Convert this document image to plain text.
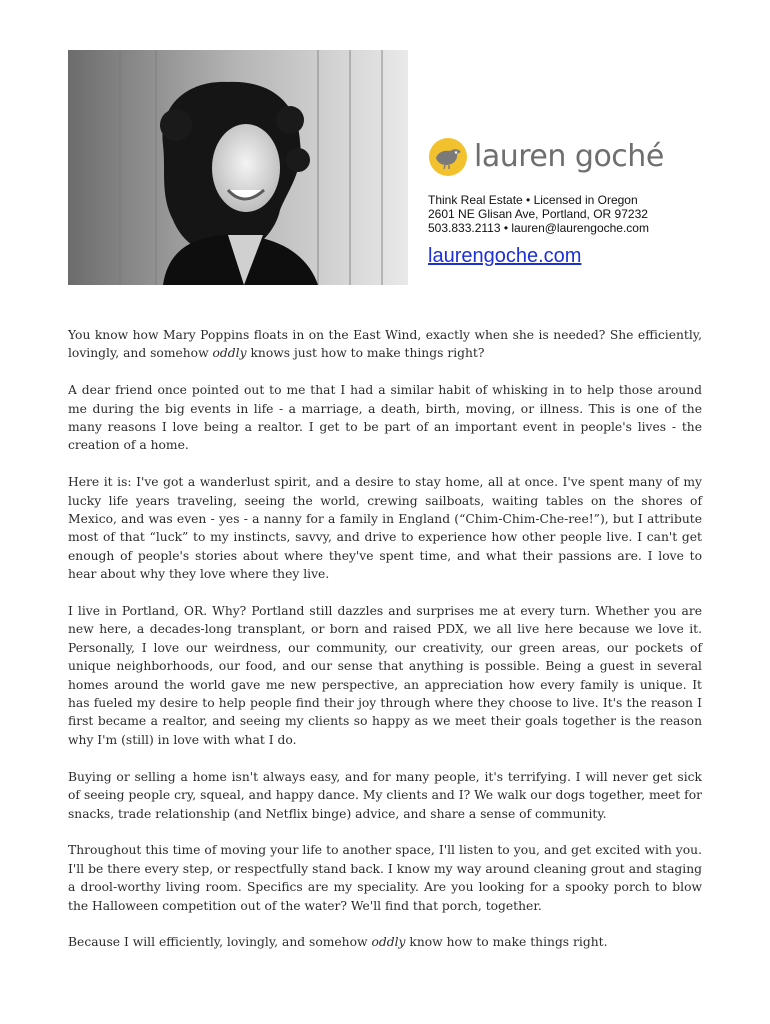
lauren goché
Think Real Estate • Licensed in Oregon
2601 NE Glisan Ave, Portland, OR 97232
503.833.2113 • lauren@laurengoche.com
laurengoche.com

You know how Mary Poppins floats in on the East Wind, exactly when she is needed? She efficiently, lovingly, and somehow oddly knows just how to make things right?

A dear friend once pointed out to me that I had a similar habit of whisking in to help those around me during the big events in life - a marriage, a death, birth, moving, or illness. This is one of the many reasons I love being a realtor. I get to be part of an important event in people's lives - the creation of a home.

Here it is: I've got a wanderlust spirit, and a desire to stay home, all at once. I've spent many of my lucky life years traveling, seeing the world, crewing sailboats, waiting tables on the shores of Mexico, and was even - yes - a nanny for a family in England (“Chim-Chim-Che-ree!”), but I attribute most of that “luck” to my instincts, savvy, and drive to experience how other people live. I can't get enough of people's stories about where they've spent time, and what their passions are. I love to hear about why they love where they live.

I live in Portland, OR. Why? Portland still dazzles and surprises me at every turn. Whether you are new here, a decades-long transplant, or born and raised PDX, we all live here because we love it. Personally, I love our weirdness, our community, our creativity, our green areas, our pockets of unique neighborhoods, our food, and our sense that anything is possible. Being a guest in several homes around the world gave me new perspective, an appreciation how every family is unique. It has fueled my desire to help people find their joy through where they choose to live. It's the reason I first became a realtor, and seeing my clients so happy as we meet their goals together is the reason why I'm (still) in love with what I do.

Buying or selling a home isn't always easy, and for many people, it's terrifying. I will never get sick of seeing people cry, squeal, and happy dance. My clients and I? We walk our dogs together, meet for snacks, trade relationship (and Netflix binge) advice, and share a sense of community.

Throughout this time of moving your life to another space, I'll listen to you, and get excited with you. I'll be there every step, or respectfully stand back. I know my way around cleaning grout and staging a drool-worthy living room. Specifics are my speciality. Are you looking for a spooky porch to blow the Halloween competition out of the water? We'll find that porch, together.

Because I will efficiently, lovingly, and somehow oddly know how to make things right.
